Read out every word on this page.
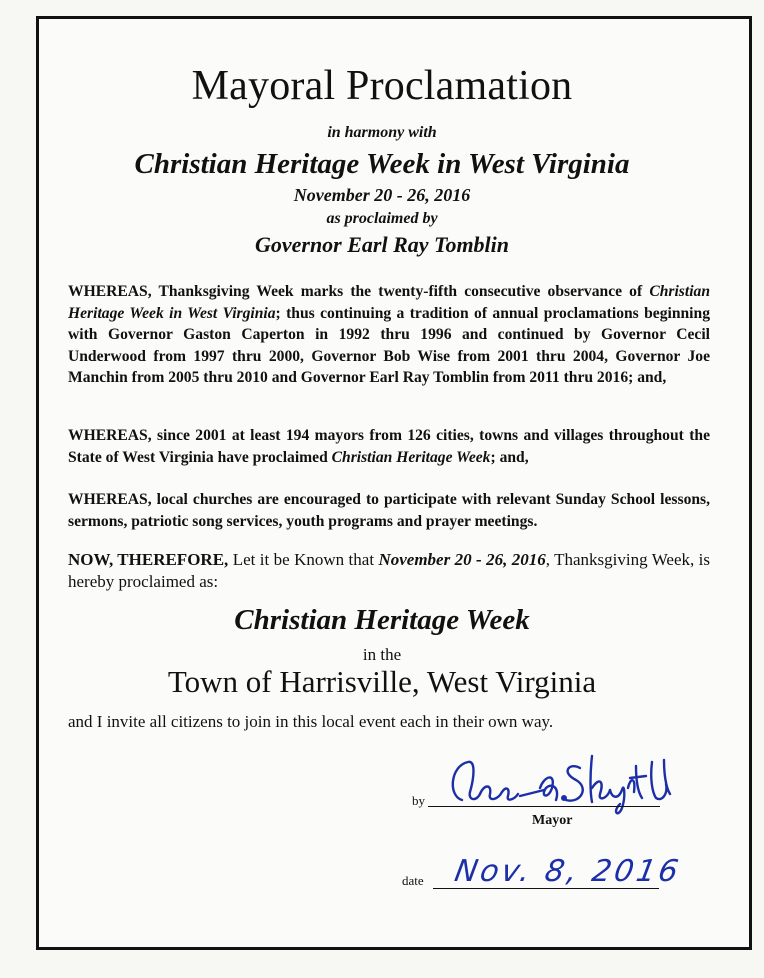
Mayoral Proclamation
in harmony with
Christian Heritage Week in West Virginia
November 20 - 26, 2016
as proclaimed by
Governor Earl Ray Tomblin
WHEREAS, Thanksgiving Week marks the twenty-fifth consecutive observance of Christian Heritage Week in West Virginia; thus continuing a tradition of annual proclamations beginning with Governor Gaston Caperton in 1992 thru 1996 and continued by Governor Cecil Underwood from 1997 thru 2000, Governor Bob Wise from 2001 thru 2004, Governor Joe Manchin from 2005 thru 2010 and Governor Earl Ray Tomblin from 2011 thru 2016; and,
WHEREAS, since 2001 at least 194 mayors from 126 cities, towns and villages throughout the State of West Virginia have proclaimed Christian Heritage Week; and,
WHEREAS, local churches are encouraged to participate with relevant Sunday School lessons, sermons, patriotic song services, youth programs and prayer meetings.
NOW, THEREFORE, Let it be Known that November 20 - 26, 2016, Thanksgiving Week, is hereby proclaimed as:
Christian Heritage Week
in the
Town of Harrisville, West Virginia
and I invite all citizens to join in this local event each in their own way.
by
Mayor
date Nov. 8, 2016
